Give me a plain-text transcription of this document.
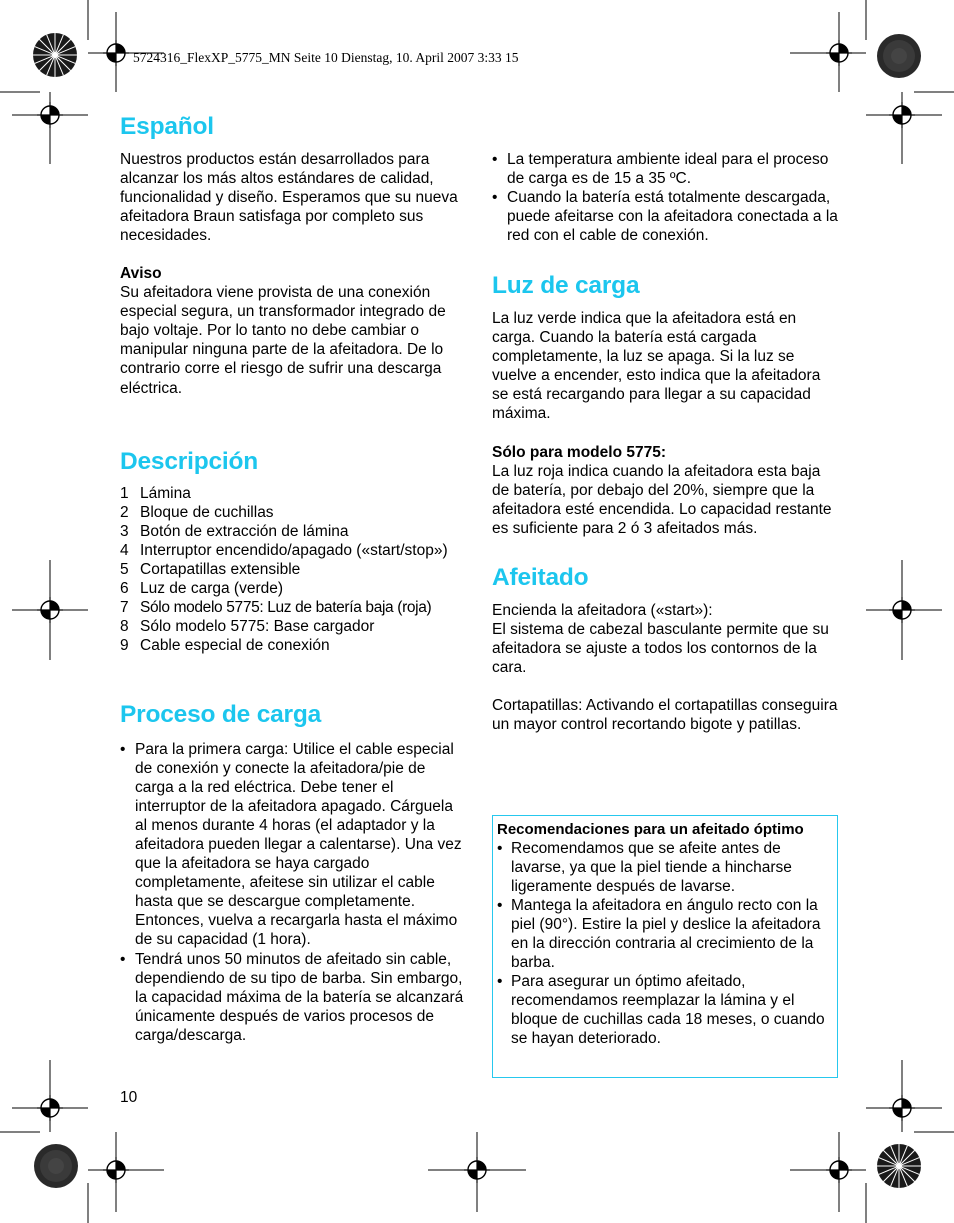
5724316_FlexXP_5775_MN Seite 10 Dienstag, 10. April 2007 3:33 15
Español

Nuestros productos están desarrollados para alcanzar los más altos estándares de calidad, funcionalidad y diseño. Esperamos que su nueva afeitadora Braun satisfaga por completo sus necesidades.

Aviso

Su afeitadora viene provista de una conexión especial segura, un transformador integrado de bajo voltaje. Por lo tanto no debe cambiar o manipular ninguna parte de la afeitadora. De lo contrario corre el riesgo de sufrir una descarga eléctrica.

Descripción
1 Lámina
2 Bloque de cuchillas
3 Botón de extracción de lámina
4 Interruptor encendido/apagado («start/stop»)
5 Cortapatillas extensible
6 Luz de carga (verde)
7 Sólo modelo 5775: Luz de batería baja (roja)
8 Sólo modelo 5775: Base cargador
9 Cable especial de conexión
Proceso de carga
• Para la primera carga: Utilice el cable especial de conexión y conecte la afeitadora/pie de carga a la red eléctrica. Debe tener el interruptor de la afeitadora apagado. Cárguela al menos durante 4 horas (el adaptador y la afeitadora pueden llegar a calentarse). Una vez que la afeitadora se haya cargado completamente, afeitese sin utilizar el cable hasta que se descargue completamente. Entonces, vuelva a recargarla hasta el máximo de su capacidad (1 hora).
• Tendrá unos 50 minutos de afeitado sin cable, dependiendo de su tipo de barba. Sin embargo, la capacidad máxima de la batería se alcanzará únicamente después de varios procesos de carga/descarga.
• La temperatura ambiente ideal para el proceso de carga es de 15 a 35 ºC.
• Cuando la batería está totalmente descargada, puede afeitarse con la afeitadora conectada a la red con el cable de conexión.
Luz de carga

La luz verde indica que la afeitadora está en carga. Cuando la batería está cargada completamente, la luz se apaga. Si la luz se vuelve a encender, esto indica que la afeitadora se está recargando para llegar a su capacidad máxima.

Sólo para modelo 5775:

La luz roja indica cuando la afeitadora esta baja de batería, por debajo del 20%, siempre que la afeitadora esté encendida. Lo capacidad restante es suficiente para 2 ó 3 afeitados más.

Afeitado

Encienda la afeitadora («start»):

El sistema de cabezal basculante permite que su afeitadora se ajuste a todos los contornos de la cara.

Cortapatillas: Activando el cortapatillas conseguira un mayor control recortando bigote y patillas.

Recomendaciones para un afeitado óptimo
• Recomendamos que se afeite antes de lavarse, ya que la piel tiende a hincharse ligeramente después de lavarse.
• Mantega la afeitadora en ángulo recto con la piel (90°). Estire la piel y deslice la afeitadora en la dirección contraria al crecimiento de la barba.
• Para asegurar un óptimo afeitado, recomendamos reemplazar la lámina y el bloque de cuchillas cada 18 meses, o cuando se hayan deteriorado.
10
